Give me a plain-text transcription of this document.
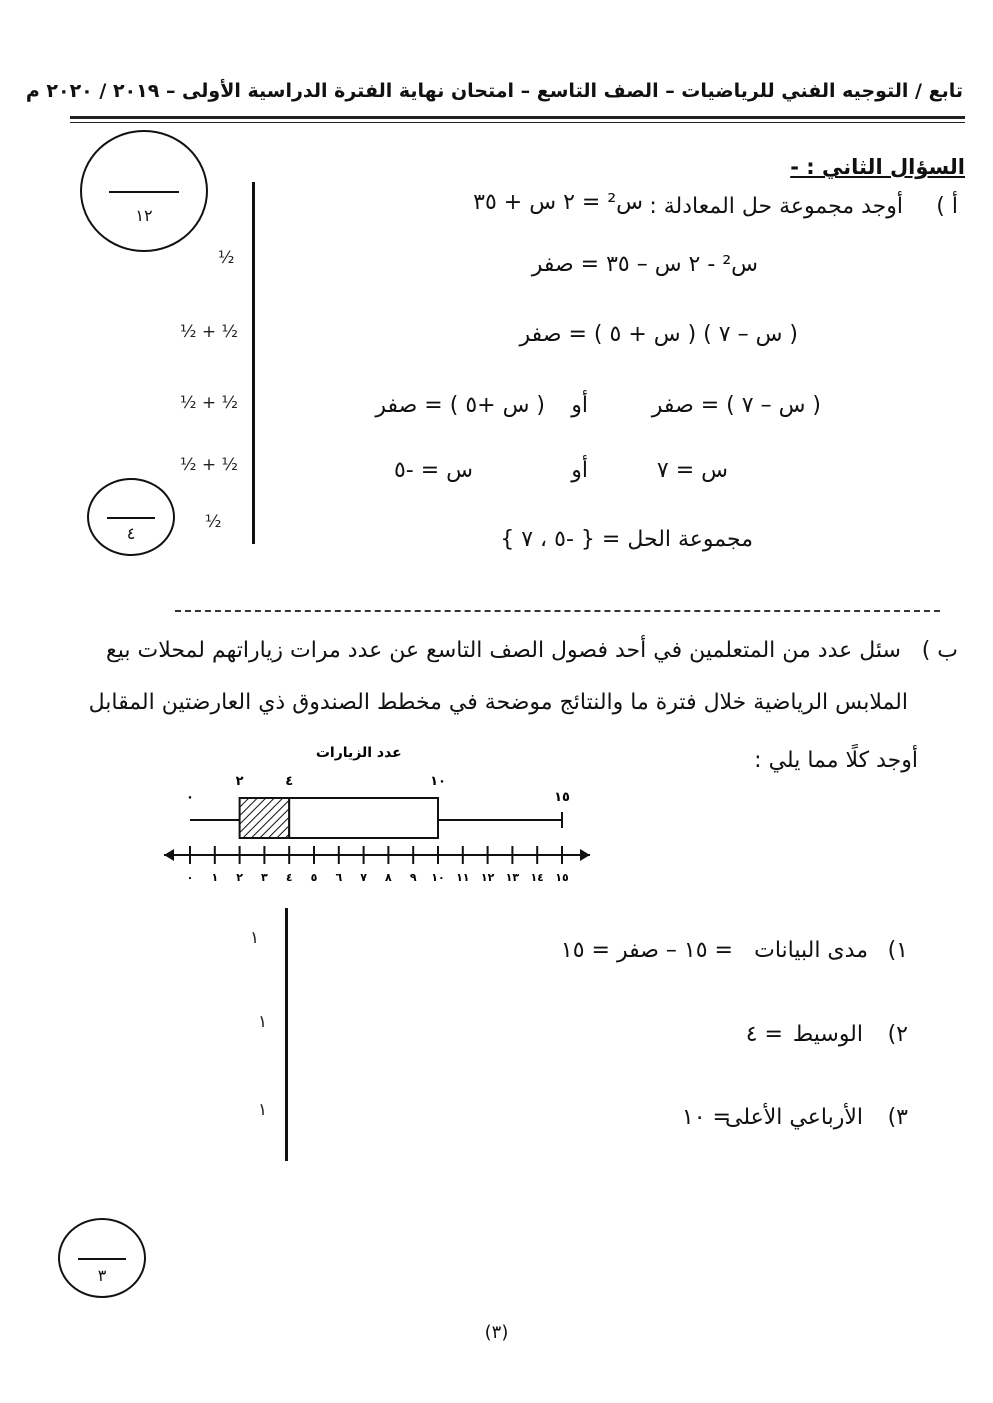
تابع / التوجيه الفني للرياضيات – الصف التاسع – امتحان نهاية الفترة الدراسية الأولى – ٢٠١٩ / ٢٠٢٠ م
١٢
٤
٣
السؤال الثاني : -
أ )
أوجد مجموعة حل المعادلة :
س² = ٢ س + ٣٥
س² - ٢ س – ٣٥ = صفر
( س – ٧ ) ( س + ٥ ) = صفر
( س – ٧ ) = صفر
أو
( س +٥ ) = صفر
س = ٧
أو
س = -٥
مجموعة الحل = { -٥ ، ٧ }
½
½ + ½
½ + ½
½ + ½
½
ب )
سئل عدد من المتعلمين في أحد فصول الصف التاسع عن عدد مرات زياراتهم لمحلات بيع
الملابس الرياضية خلال فترة ما والنتائج موضحة في مخطط الصندوق ذي العارضتين المقابل
أوجد كلًا مما يلي :
عدد الزيارات
٠
٢	٤	١٠
١٥
٠ ١ ٢ ٣ ٤ ٥ ٦ ٧ ٨ ٩ ١٠ ١١ ١٢ ١٣ ١٤ ١٥
١)
مدى البيانات
= ١٥ – صفر = ١٥
٢)
الوسيط
= ٤
٣)
الأرباعي الأعلى
= ١٠
١
١
١
(٣)
